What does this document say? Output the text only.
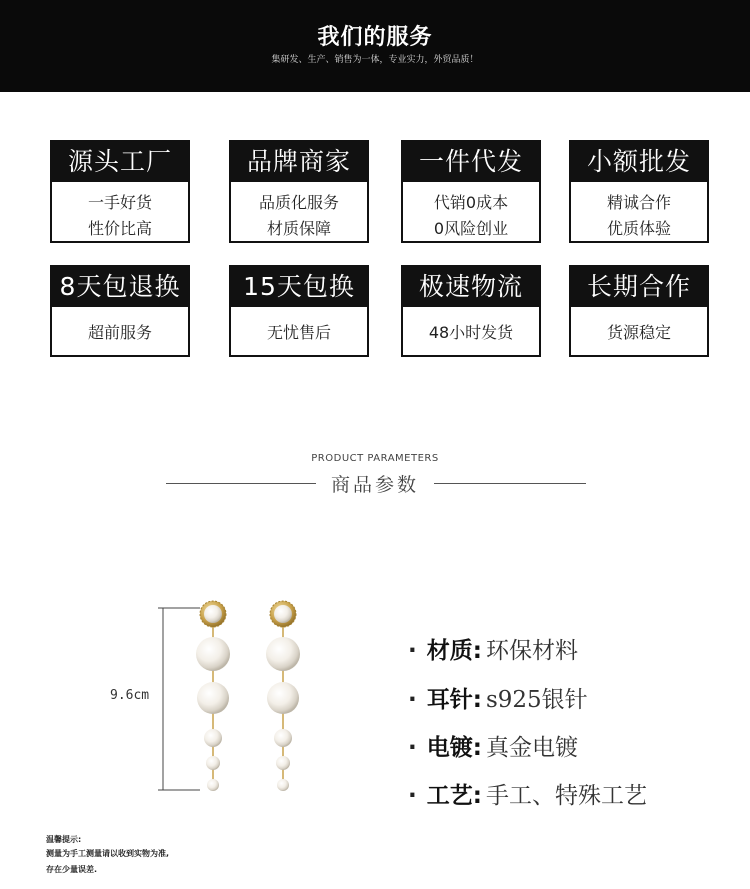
我们的服务
集研发、生产、销售为一体，专业实力，外贸品质！
源头工厂
一手好货
性价比高
品牌商家
品质化服务
材质保障
一件代发
代销0成本
0风险创业
小额批发
精诚合作
优质体验
8天包退换
超前服务
15天包换
无忧售后
极速物流
48小时发货
长期合作
货源稳定
PRODUCT PARAMETERS
商品参数
9.6cm
· 材质: 环保材料
· 耳针: s925银针
· 电镀: 真金电镀
· 工艺: 手工、特殊工艺
温馨提示:
测量为手工测量请以收到实物为准,
存在少量误差.
